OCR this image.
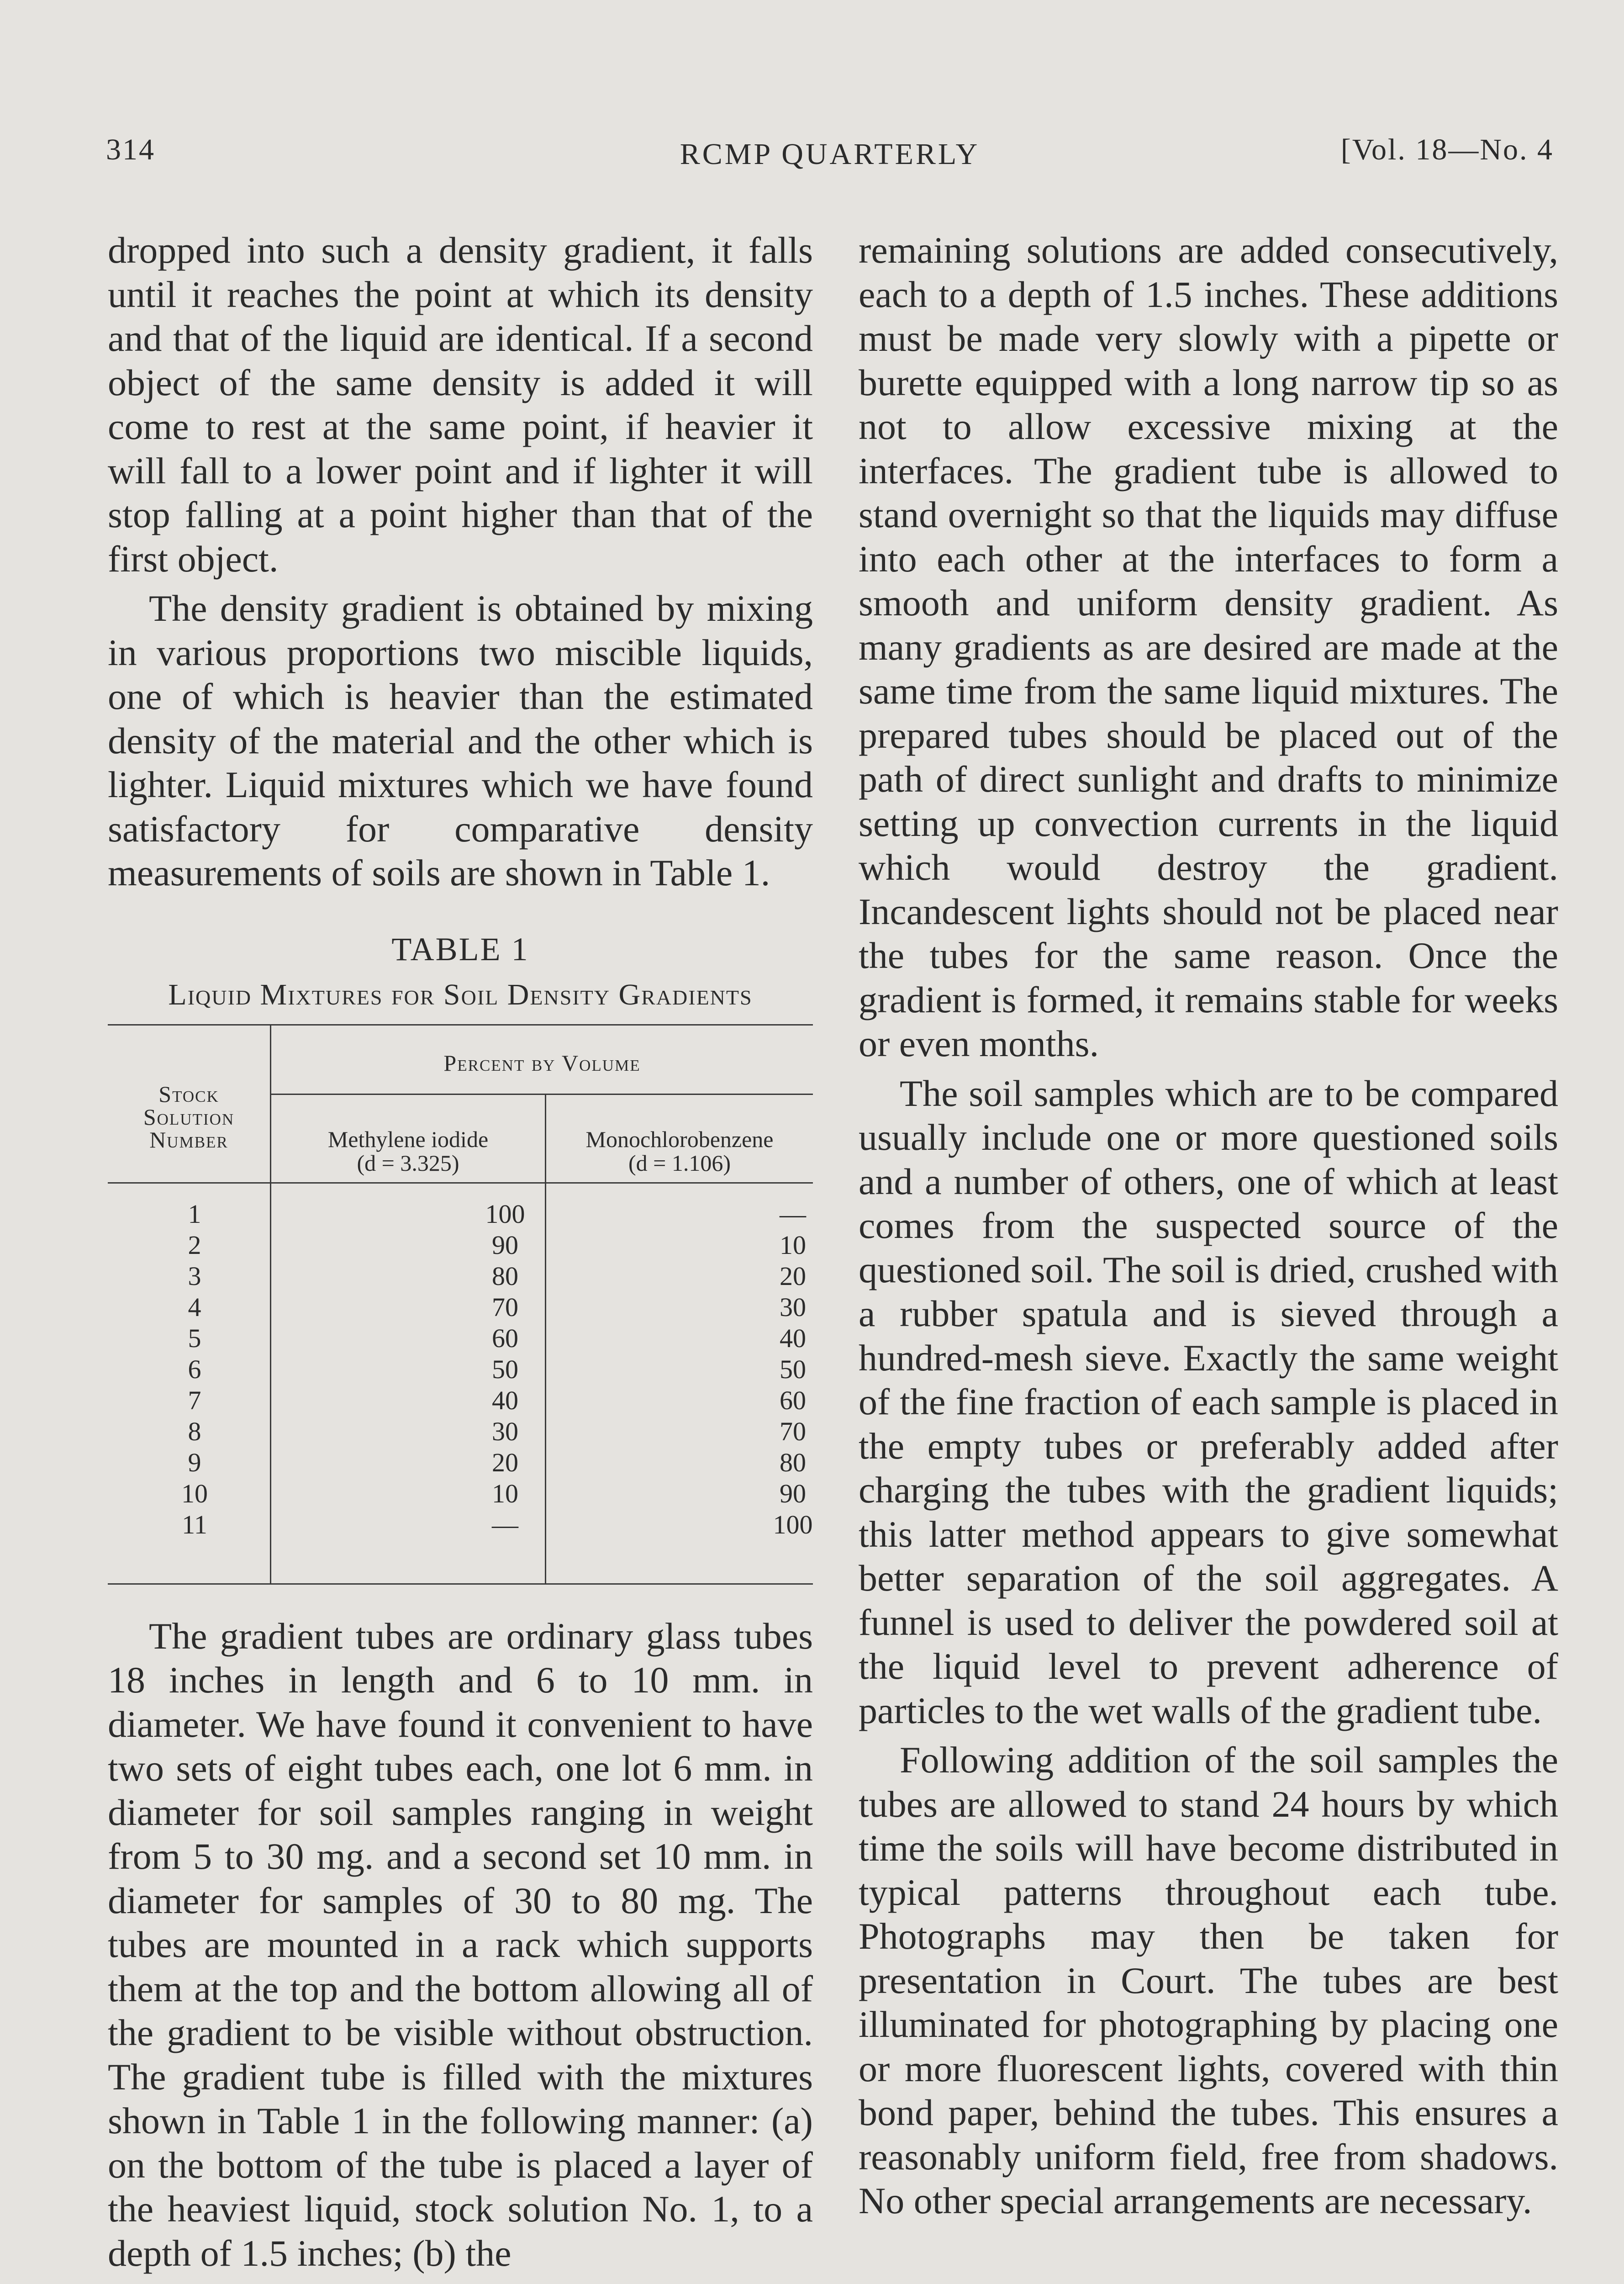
314	RCMP QUARTERLY	[Vol. 18—No. 4

dropped into such a density gradient, it falls until it reaches the point at which its density and that of the liquid are identical. If a second object of the same density is added it will come to rest at the same point, if heavier it will fall to a lower point and if lighter it will stop falling at a point higher than that of the first object.

The density gradient is obtained by mixing in various proportions two miscible liquids, one of which is heavier than the estimated density of the material and the other which is lighter. Liquid mixtures which we have found satisfactory for comparative density measurements of soils are shown in Table 1.

TABLE 1
Liquid Mixtures for Soil Density Gradients
Stock
Solution
Number
Percent by Volume
Methylene iodide
(d = 3.325)
Monochlorobenzene
(d = 1.106)
1
2
3
4
5
6
7
8
9
10
11
100
90
80
70
60
50
40
30
20
10
—
—
10
20
30
40
50
60
70
80
90
100

The gradient tubes are ordinary glass tubes 18 inches in length and 6 to 10 mm. in diameter. We have found it convenient to have two sets of eight tubes each, one lot 6 mm. in diameter for soil samples ranging in weight from 5 to 30 mg. and a second set 10 mm. in diameter for samples of 30 to 80 mg. The tubes are mounted in a rack which supports them at the top and the bottom allowing all of the gradient to be visible without obstruction. The gradient tube is filled with the mixtures shown in Table 1 in the following manner: (a) on the bottom of the tube is placed a layer of the heaviest liquid, stock solution No. 1, to a depth of 1.5 inches; (b) the

remaining solutions are added consecutively, each to a depth of 1.5 inches. These additions must be made very slowly with a pipette or burette equipped with a long narrow tip so as not to allow excessive mixing at the interfaces. The gradient tube is allowed to stand overnight so that the liquids may diffuse into each other at the interfaces to form a smooth and uniform density gradient. As many gradients as are desired are made at the same time from the same liquid mixtures. The prepared tubes should be placed out of the path of direct sunlight and drafts to minimize setting up convection currents in the liquid which would destroy the gradient. Incandescent lights should not be placed near the tubes for the same reason. Once the gradient is formed, it remains stable for weeks or even months.

The soil samples which are to be compared usually include one or more questioned soils and a number of others, one of which at least comes from the suspected source of the questioned soil. The soil is dried, crushed with a rubber spatula and is sieved through a hundred-mesh sieve. Exactly the same weight of the fine fraction of each sample is placed in the empty tubes or preferably added after charging the tubes with the gradient liquids; this latter method appears to give somewhat better separation of the soil aggregates. A funnel is used to deliver the powdered soil at the liquid level to prevent adherence of particles to the wet walls of the gradient tube.

Following addition of the soil samples the tubes are allowed to stand 24 hours by which time the soils will have become distributed in typical patterns throughout each tube. Photographs may then be taken for presentation in Court. The tubes are best illuminated for photographing by placing one or more fluorescent lights, covered with thin bond paper, behind the tubes. This ensures a reasonably uniform field, free from shadows. No other special arrangements are necessary.
